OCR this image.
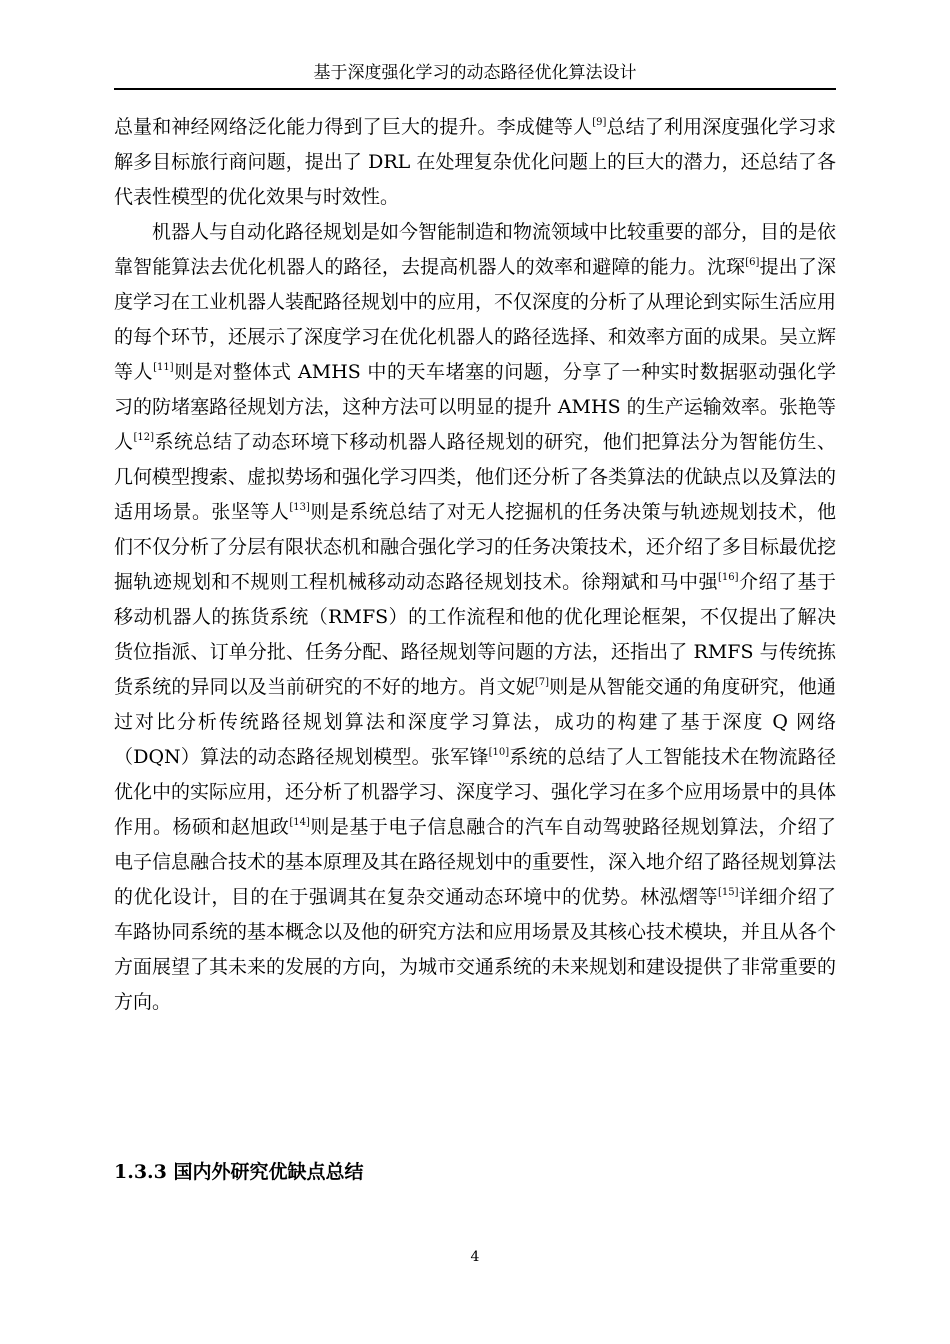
基于深度强化学习的动态路径优化算法设计

总量和神经网络泛化能力得到了巨大的提升。李成健等人[9]总结了利用深度强化学习求解多目标旅行商问题，提出了 DRL 在处理复杂优化问题上的巨大的潜力，还总结了各代表性模型的优化效果与时效性。

机器人与自动化路径规划是如今智能制造和物流领域中比较重要的部分，目的是依靠智能算法去优化机器人的路径，去提高机器人的效率和避障的能力。沈琛[6]提出了深度学习在工业机器人装配路径规划中的应用，不仅深度的分析了从理论到实际生活应用的每个环节，还展示了深度学习在优化机器人的路径选择、和效率方面的成果。吴立辉等人[11]则是对整体式 AMHS 中的天车堵塞的问题，分享了一种实时数据驱动强化学习的防堵塞路径规划方法，这种方法可以明显的提升 AMHS 的生产运输效率。张艳等人[12]系统总结了动态环境下移动机器人路径规划的研究，他们把算法分为智能仿生、几何模型搜索、虚拟势场和强化学习四类，他们还分析了各类算法的优缺点以及算法的适用场景。张坚等人[13]则是系统总结了对无人挖掘机的任务决策与轨迹规划技术，他们不仅分析了分层有限状态机和融合强化学习的任务决策技术，还介绍了多目标最优挖掘轨迹规划和不规则工程机械移动动态路径规划技术。徐翔斌和马中强[16]介绍了基于移动机器人的拣货系统（RMFS）的工作流程和他的优化理论框架，不仅提出了解决货位指派、订单分批、任务分配、路径规划等问题的方法，还指出了 RMFS 与传统拣货系统的异同以及当前研究的不好的地方。肖文妮[7]则是从智能交通的角度研究，他通过对比分析传统路径规划算法和深度学习算法，成功的构建了基于深度 Q 网络（DQN）算法的动态路径规划模型。张军锋[10]系统的总结了人工智能技术在物流路径优化中的实际应用，还分析了机器学习、深度学习、强化学习在多个应用场景中的具体作用。杨硕和赵旭政[14]则是基于电子信息融合的汽车自动驾驶路径规划算法，介绍了电子信息融合技术的基本原理及其在路径规划中的重要性，深入地介绍了路径规划算法的优化设计，目的在于强调其在复杂交通动态环境中的优势。林泓熠等[15]详细介绍了车路协同系统的基本概念以及他的研究方法和应用场景及其核心技术模块，并且从各个方面展望了其未来的发展的方向，为城市交通系统的未来规划和建设提供了非常重要的方向。

1.3.3 国内外研究优缺点总结
4
